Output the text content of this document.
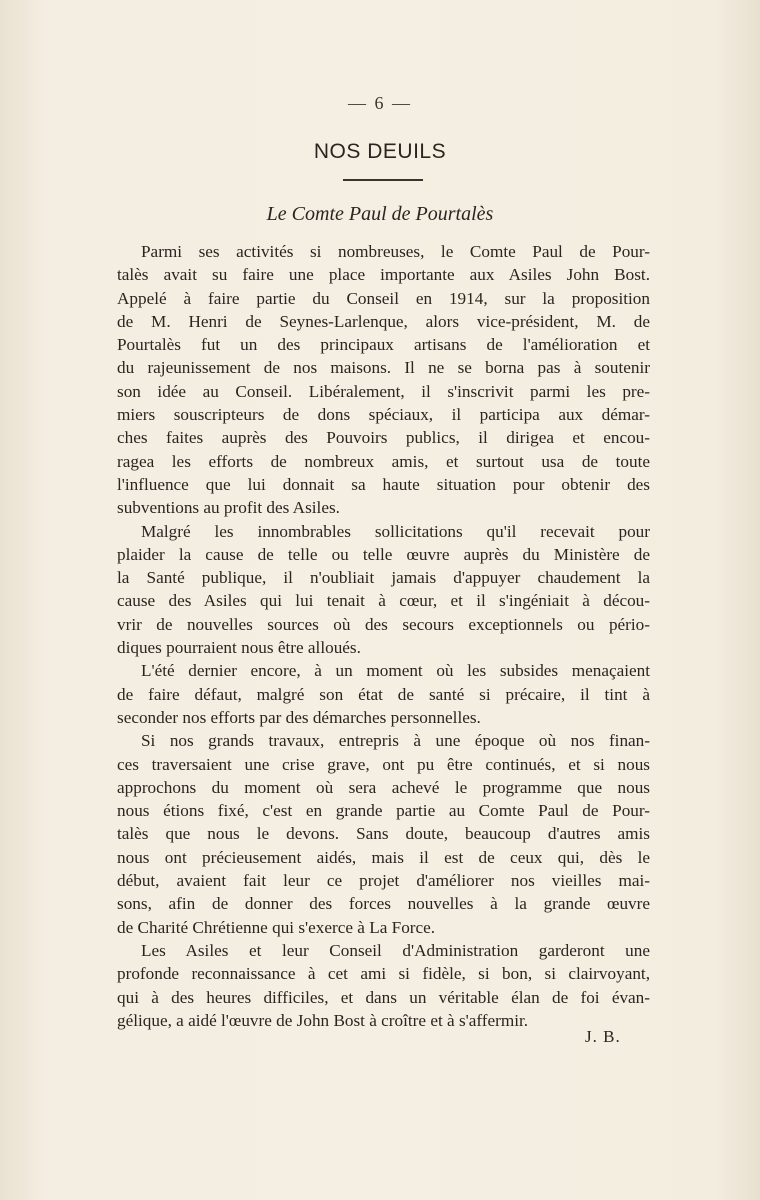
— 6 —
NOS DEUILS
Le Comte Paul de Pourtalès
Parmi ses activités si nombreuses, le Comte Paul de Pour-
talès avait su faire une place importante aux Asiles John Bost.
Appelé à faire partie du Conseil en 1914, sur la proposition
de M. Henri de Seynes-Larlenque, alors vice-président, M. de
Pourtalès fut un des principaux artisans de l'amélioration et
du rajeunissement de nos maisons. Il ne se borna pas à soutenir
son idée au Conseil. Libéralement, il s'inscrivit parmi les pre-
miers souscripteurs de dons spéciaux, il participa aux démar-
ches faites auprès des Pouvoirs publics, il dirigea et encou-
ragea les efforts de nombreux amis, et surtout usa de toute
l'influence que lui donnait sa haute situation pour obtenir des
subventions au profit des Asiles.
Malgré les innombrables sollicitations qu'il recevait pour
plaider la cause de telle ou telle œuvre auprès du Ministère de
la Santé publique, il n'oubliait jamais d'appuyer chaudement la
cause des Asiles qui lui tenait à cœur, et il s'ingéniait à décou-
vrir de nouvelles sources où des secours exceptionnels ou pério-
diques pourraient nous être alloués.
L'été dernier encore, à un moment où les subsides menaçaient
de faire défaut, malgré son état de santé si précaire, il tint à
seconder nos efforts par des démarches personnelles.
Si nos grands travaux, entrepris à une époque où nos finan-
ces traversaient une crise grave, ont pu être continués, et si nous
approchons du moment où sera achevé le programme que nous
nous étions fixé, c'est en grande partie au Comte Paul de Pour-
talès que nous le devons. Sans doute, beaucoup d'autres amis
nous ont précieusement aidés, mais il est de ceux qui, dès le
début, avaient fait leur ce projet d'améliorer nos vieilles mai-
sons, afin de donner des forces nouvelles à la grande œuvre
de Charité Chrétienne qui s'exerce à La Force.
Les Asiles et leur Conseil d'Administration garderont une
profonde reconnaissance à cet ami si fidèle, si bon, si clairvoyant,
qui à des heures difficiles, et dans un véritable élan de foi évan-
gélique, a aidé l'œuvre de John Bost à croître et à s'affermir.
J. B.
